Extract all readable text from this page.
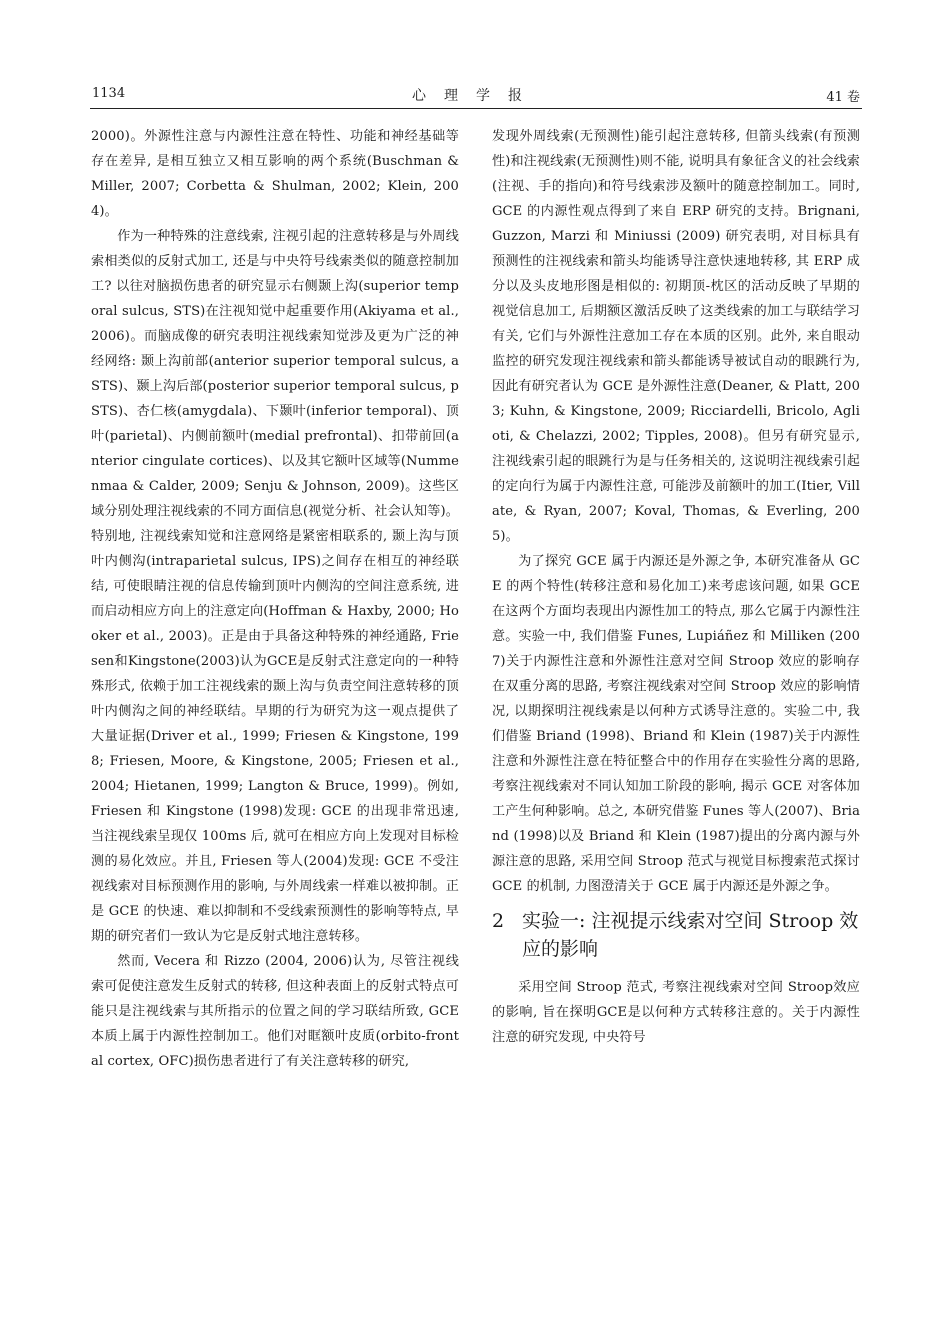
1134	心理学报	41 卷

2000)。外源性注意与内源性注意在特性、功能和神经基础等存在差异, 是相互独立又相互影响的两个系统(Buschman & Miller, 2007; Corbetta & Shulman, 2002; Klein, 2004)。

作为一种特殊的注意线索, 注视引起的注意转移是与外周线索相类似的反射式加工, 还是与中央符号线索类似的随意控制加工? 以往对脑损伤患者的研究显示右侧颞上沟(superior temporal sulcus, STS)在注视知觉中起重要作用(Akiyama et al., 2006)。而脑成像的研究表明注视线索知觉涉及更为广泛的神经网络: 颞上沟前部(anterior superior temporal sulcus, aSTS)、颞上沟后部(posterior superior temporal sulcus, pSTS)、杏仁核(amygdala)、下颞叶(inferior temporal)、顶叶(parietal)、内侧前额叶(medial prefrontal)、扣带前回(anterior cingulate cortices)、以及其它额叶区域等(Nummenmaa & Calder, 2009; Senju & Johnson, 2009)。这些区域分别处理注视线索的不同方面信息(视觉分析、社会认知等)。特别地, 注视线索知觉和注意网络是紧密相联系的, 颞上沟与顶叶内侧沟(intraparietal sulcus, IPS)之间存在相互的神经联结, 可使眼睛注视的信息传输到顶叶内侧沟的空间注意系统, 进而启动相应方向上的注意定向(Hoffman & Haxby, 2000; Hooker et al., 2003)。正是由于具备这种特殊的神经通路, Friesen和Kingstone(2003)认为GCE是反射式注意定向的一种特殊形式, 依赖于加工注视线索的颞上沟与负责空间注意转移的顶叶内侧沟之间的神经联结。早期的行为研究为这一观点提供了大量证据(Driver et al., 1999; Friesen & Kingstone, 1998; Friesen, Moore, & Kingstone, 2005; Friesen et al., 2004; Hietanen, 1999; Langton & Bruce, 1999)。例如, Friesen 和 Kingstone (1998)发现: GCE 的出现非常迅速, 当注视线索呈现仅 100ms 后, 就可在相应方向上发现对目标检测的易化效应。并且, Friesen 等人(2004)发现: GCE 不受注视线索对目标预测作用的影响, 与外周线索一样难以被抑制。正是 GCE 的快速、难以抑制和不受线索预测性的影响等特点, 早期的研究者们一致认为它是反射式地注意转移。

然而, Vecera 和 Rizzo (2004, 2006)认为, 尽管注视线索可促使注意发生反射式的转移, 但这种表面上的反射式特点可能只是注视线索与其所指示的位置之间的学习联结所致, GCE 本质上属于内源性控制加工。他们对眶额叶皮质(orbito-frontal cortex, OFC)损伤患者进行了有关注意转移的研究,

发现外周线索(无预测性)能引起注意转移, 但箭头线索(有预测性)和注视线索(无预测性)则不能, 说明具有象征含义的社会线索(注视、手的指向)和符号线索涉及额叶的随意控制加工。同时, GCE 的内源性观点得到了来自 ERP 研究的支持。Brignani, Guzzon, Marzi 和 Miniussi (2009) 研究表明, 对目标具有预测性的注视线索和箭头均能诱导注意快速地转移, 其 ERP 成分以及头皮地形图是相似的: 初期顶-枕区的活动反映了早期的视觉信息加工, 后期额区激活反映了这类线索的加工与联结学习有关, 它们与外源性注意加工存在本质的区别。此外, 来自眼动监控的研究发现注视线索和箭头都能诱导被试自动的眼跳行为, 因此有研究者认为 GCE 是外源性注意(Deaner, & Platt, 2003; Kuhn, & Kingstone, 2009; Ricciardelli, Bricolo, Aglioti, & Chelazzi, 2002; Tipples, 2008)。但另有研究显示, 注视线索引起的眼跳行为是与任务相关的, 这说明注视线索引起的定向行为属于内源性注意, 可能涉及前额叶的加工(Itier, Villate, & Ryan, 2007; Koval, Thomas, & Everling, 2005)。

为了探究 GCE 属于内源还是外源之争, 本研究准备从 GCE 的两个特性(转移注意和易化加工)来考虑该问题, 如果 GCE 在这两个方面均表现出内源性加工的特点, 那么它属于内源性注意。实验一中, 我们借鉴 Funes, Lupiáñez 和 Milliken (2007)关于内源性注意和外源性注意对空间 Stroop 效应的影响存在双重分离的思路, 考察注视线索对空间 Stroop 效应的影响情况, 以期探明注视线索是以何种方式诱导注意的。实验二中, 我们借鉴 Briand (1998)、Briand 和 Klein (1987)关于内源性注意和外源性注意在特征整合中的作用存在实验性分离的思路, 考察注视线索对不同认知加工阶段的影响, 揭示 GCE 对客体加工产生何种影响。总之, 本研究借鉴 Funes 等人(2007)、Briand (1998)以及 Briand 和 Klein (1987)提出的分离内源与外源注意的思路, 采用空间 Stroop 范式与视觉目标搜索范式探讨 GCE 的机制, 力图澄清关于 GCE 属于内源还是外源之争。

2 实验一: 注视提示线索对空间 Stroop 效应的影响

采用空间 Stroop 范式, 考察注视线索对空间 Stroop效应的影响, 旨在探明GCE是以何种方式转移注意的。关于内源性注意的研究发现, 中央符号
